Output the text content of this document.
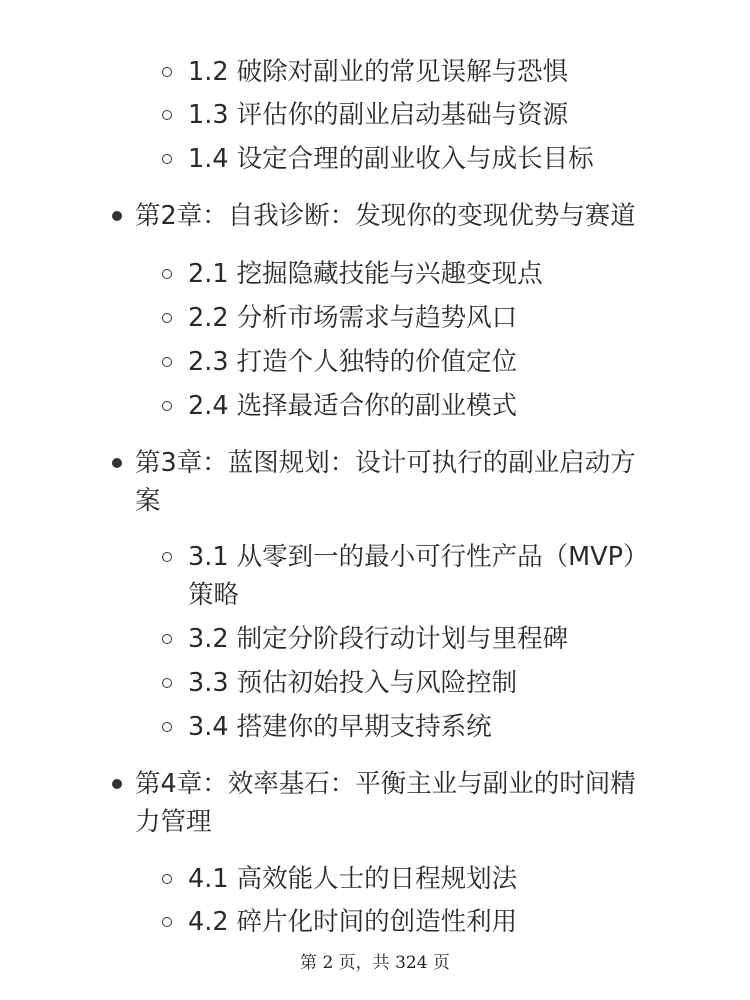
1.2 破除对副业的常见误解与恐惧
1.3 评估你的副业启动基础与资源
1.4 设定合理的副业收入与成长目标
第2章：自我诊断：发现你的变现优势与赛道
2.1 挖掘隐藏技能与兴趣变现点
2.2 分析市场需求与趋势风口
2.3 打造个人独特的价值定位
2.4 选择最适合你的副业模式
第3章：蓝图规划：设计可执行的副业启动方
案
3.1 从零到一的最小可行性产品（MVP）
策略
3.2 制定分阶段行动计划与里程碑
3.3 预估初始投入与风险控制
3.4 搭建你的早期支持系统
第4章：效率基石：平衡主业与副业的时间精
力管理
4.1 高效能人士的日程规划法
4.2 碎片化时间的创造性利用
第 2 页，共 324 页
